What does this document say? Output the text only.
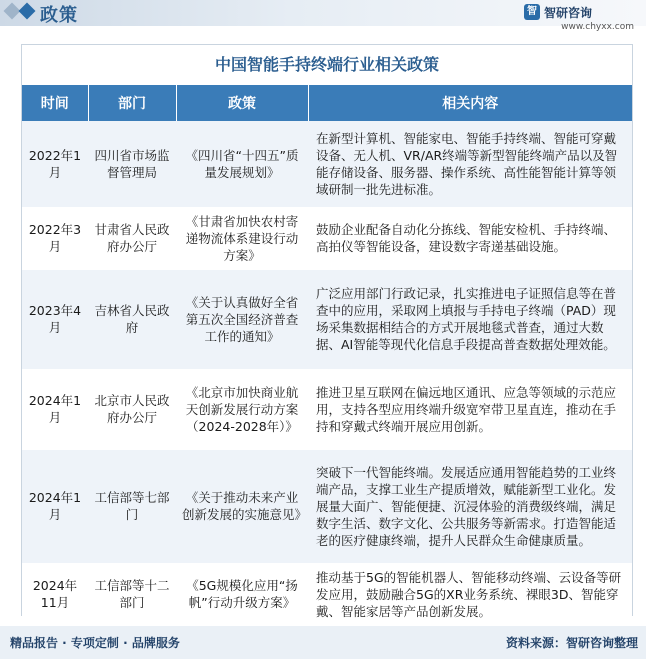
政策	智 智研咨询
www.chyxx.com
中国智能手持终端行业相关政策
时间	部门	政策	相关内容
2022年1月	四川省市场监督管理局	《四川省“十四五”质量发展规划》	在新型计算机、智能家电、智能手持终端、智能可穿戴设备、无人机、VR/AR终端等新型智能终端产品以及智能存储设备、服务器、操作系统、高性能智能计算等领域研制一批先进标准。
2022年3月	甘肃省人民政府办公厅	《甘肃省加快农村寄递物流体系建设行动方案》	鼓励企业配备自动化分拣线、智能安检机、手持终端、高拍仪等智能设备，建设数字寄递基础设施。
2023年4月	吉林省人民政府	《关于认真做好全省第五次全国经济普查工作的通知》	广泛应用部门行政记录，扎实推进电子证照信息等在普查中的应用，采取网上填报与手持电子终端（PAD）现场采集数据相结合的方式开展地毯式普查，通过大数据、AI智能等现代化信息手段提高普查数据处理效能。
2024年1月	北京市人民政府办公厅	《北京市加快商业航天创新发展行动方案（2024-2028年）》	推进卫星互联网在偏远地区通讯、应急等领域的示范应用，支持各型应用终端升级宽窄带卫星直连，推动在手持和穿戴式终端开展应用创新。
2024年1月	工信部等七部门	《关于推动未来产业创新发展的实施意见》	突破下一代智能终端。发展适应通用智能趋势的工业终端产品，支撑工业生产提质增效，赋能新型工业化。发展量大面广、智能便捷、沉浸体验的消费级终端，满足数字生活、数字文化、公共服务等新需求。打造智能适老的医疗健康终端，提升人民群众生命健康质量。
2024年11月	工信部等十二部门	《5G规模化应用“扬帆”行动升级方案》	推动基于5G的智能机器人、智能移动终端、云设备等研发应用，鼓励融合5G的XR业务系统、裸眼3D、智能穿戴、智能家居等产品创新发展。
精品报告 · 专项定制 · 品牌服务	资料来源：智研咨询整理
